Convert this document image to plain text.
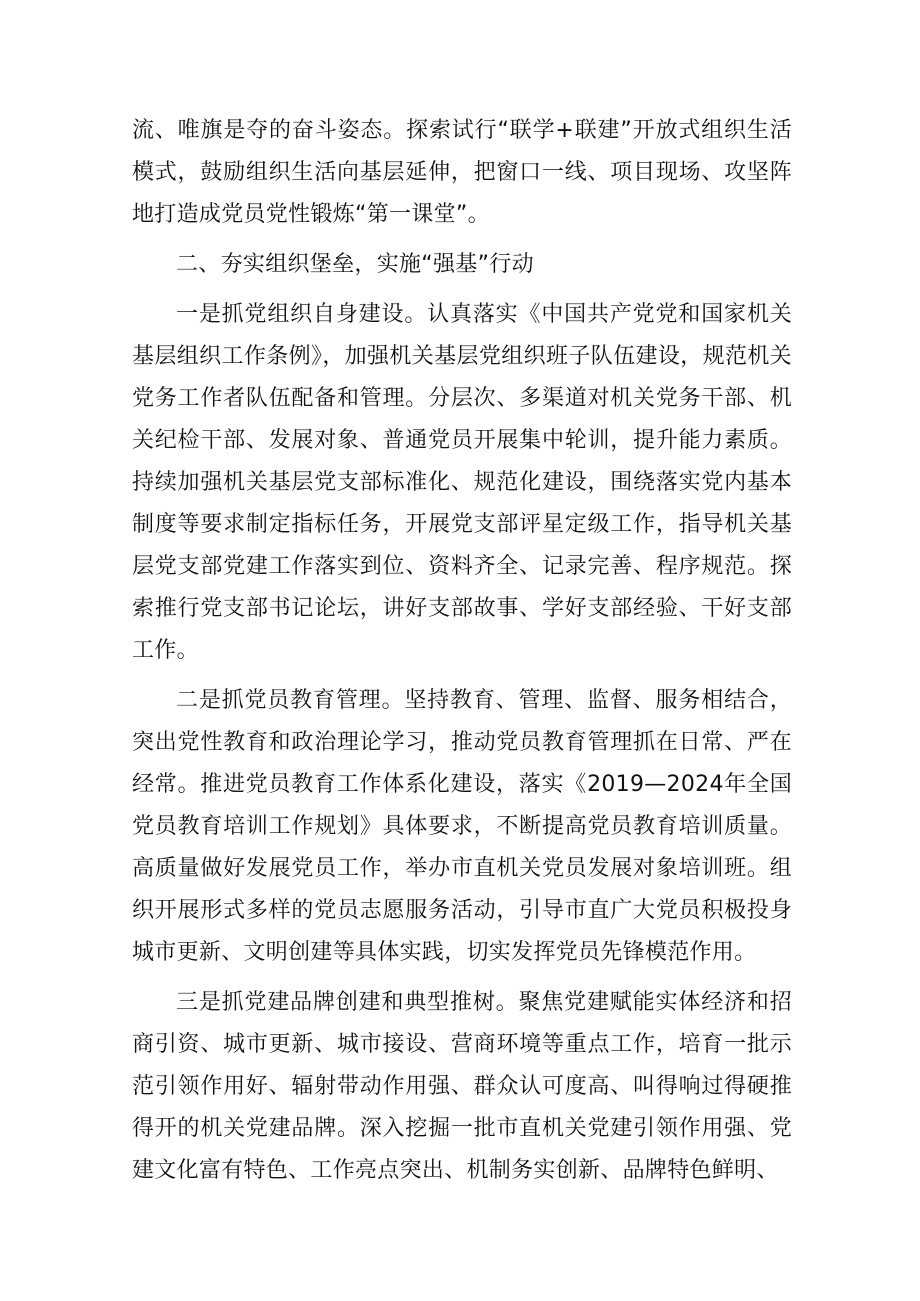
流、唯旗是夺的奋斗姿态。探索试行“联学+联建”开放式组织生活模式，鼓励组织生活向基层延伸，把窗口一线、项目现场、攻坚阵地打造成党员党性锻炼“第一课堂”。

二、夯实组织堡垒，实施“强基”行动

一是抓党组织自身建设。认真落实《中国共产党党和国家机关基层组织工作条例》，加强机关基层党组织班子队伍建设，规范机关党务工作者队伍配备和管理。分层次、多渠道对机关党务干部、机关纪检干部、发展对象、普通党员开展集中轮训，提升能力素质。持续加强机关基层党支部标准化、规范化建设，围绕落实党内基本制度等要求制定指标任务，开展党支部评星定级工作，指导机关基层党支部党建工作落实到位、资料齐全、记录完善、程序规范。探索推行党支部书记论坛，讲好支部故事、学好支部经验、干好支部工作。

二是抓党员教育管理。坚持教育、管理、监督、服务相结合，突出党性教育和政治理论学习，推动党员教育管理抓在日常、严在经常。推进党员教育工作体系化建设，落实《2019—2024年全国党员教育培训工作规划》具体要求，不断提高党员教育培训质量。高质量做好发展党员工作，举办市直机关党员发展对象培训班。组织开展形式多样的党员志愿服务活动，引导市直广大党员积极投身城市更新、文明创建等具体实践，切实发挥党员先锋模范作用。

三是抓党建品牌创建和典型推树。聚焦党建赋能实体经济和招商引资、城市更新、城市接设、营商环境等重点工作，培育一批示范引领作用好、辐射带动作用强、群众认可度高、叫得响过得硬推得开的机关党建品牌。深入挖掘一批市直机关党建引领作用强、党建文化富有特色、工作亮点突出、机制务实创新、品牌特色鲜明、
